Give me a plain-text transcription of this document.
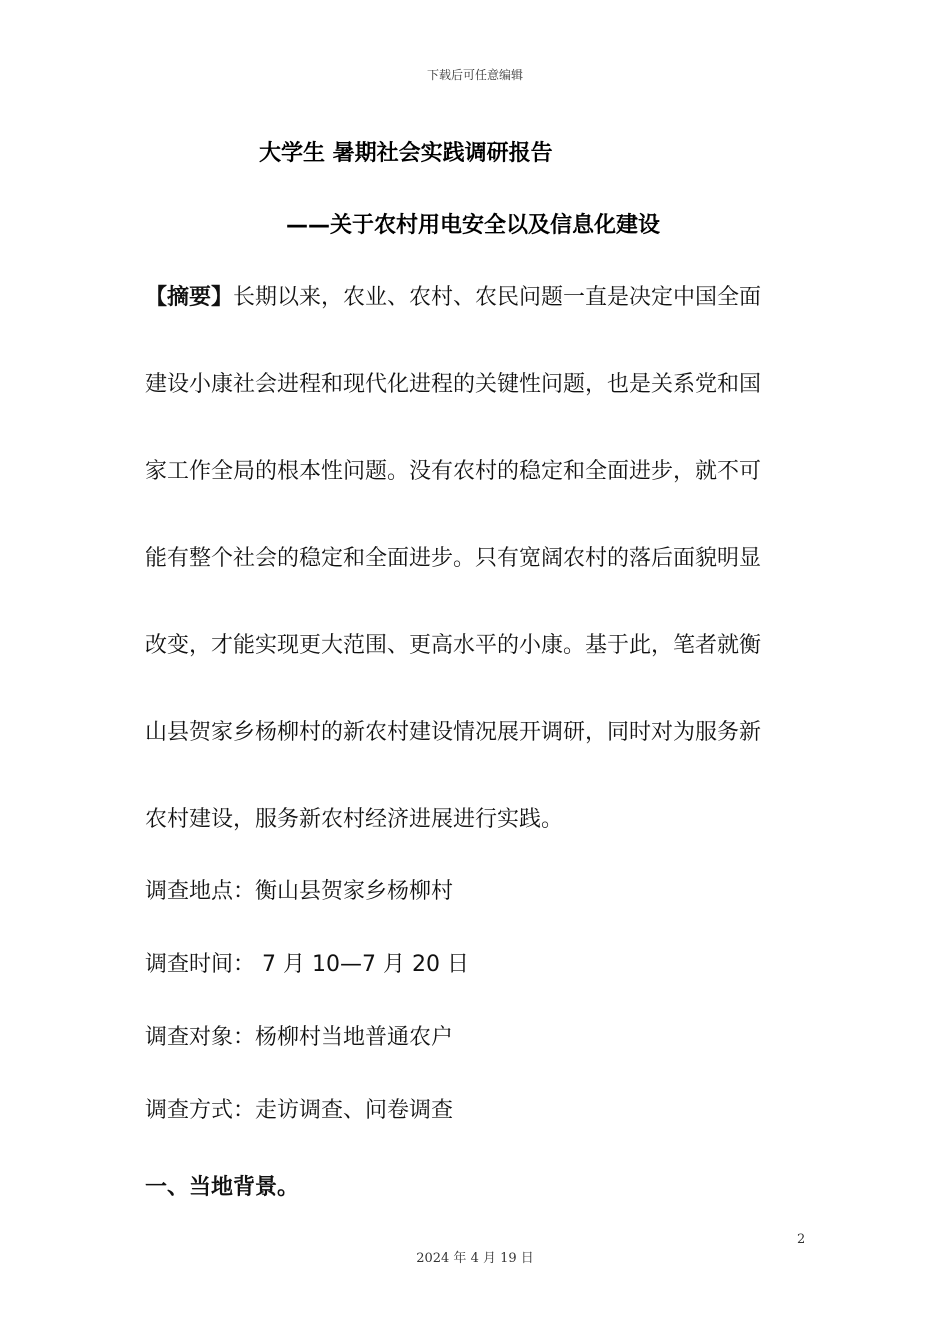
下载后可任意编辑
大学生 暑期社会实践调研报告
——关于农村用电安全以及信息化建设
【摘要】长期以来，农业、农村、农民问题一直是决定中国全面
建设小康社会进程和现代化进程的关键性问题，也是关系党和国
家工作全局的根本性问题。没有农村的稳定和全面进步，就不可
能有整个社会的稳定和全面进步。只有宽阔农村的落后面貌明显
改变，才能实现更大范围、更高水平的小康。基于此，笔者就衡
山县贺家乡杨柳村的新农村建设情况展开调研，同时对为服务新
农村建设，服务新农村经济进展进行实践。
调查地点：衡山县贺家乡杨柳村
调查时间： 7 月 10—7 月 20 日
调查对象：杨柳村当地普通农户
调查方式：走访调查、问卷调查
一、当地背景。
2
2024 年 4 月 19 日
